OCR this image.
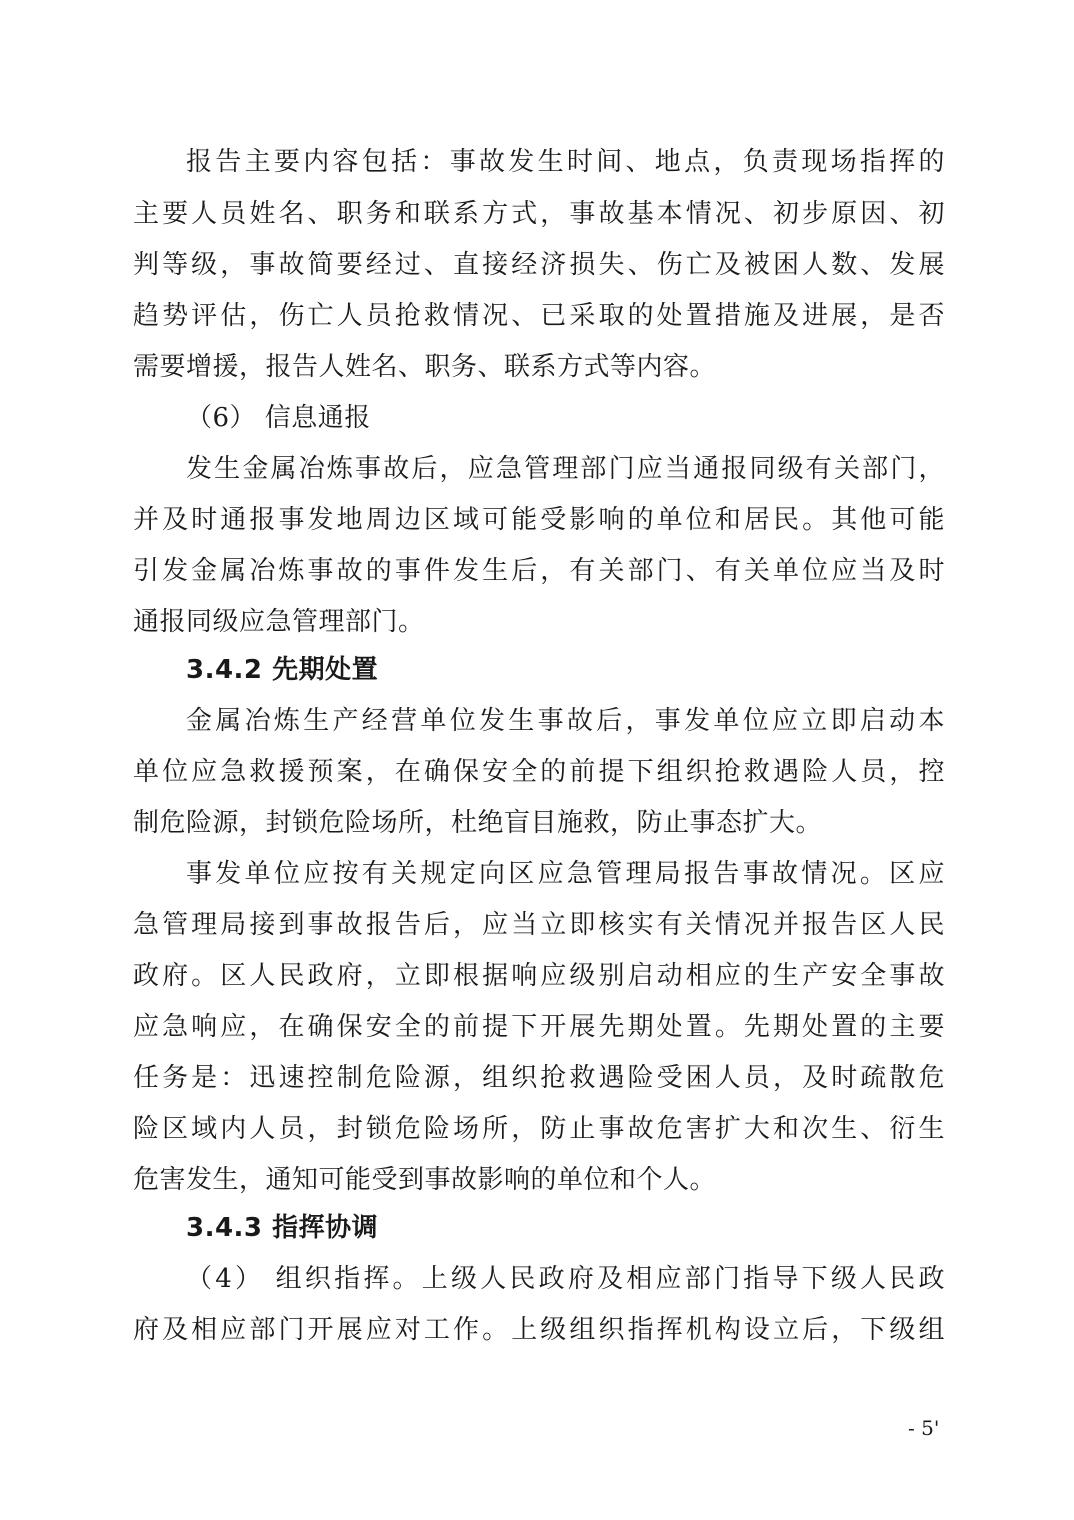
报告主要内容包括：事故发生时间、地点，负责现场指挥的
主要人员姓名、职务和联系方式，事故基本情况、初步原因、初
判等级，事故简要经过、直接经济损失、伤亡及被困人数、发展
趋势评估，伤亡人员抢救情况、已采取的处置措施及进展，是否
需要增援，报告人姓名、职务、联系方式等内容。
（6） 信息通报
发生金属冶炼事故后，应急管理部门应当通报同级有关部门，
并及时通报事发地周边区域可能受影响的单位和居民。其他可能
引发金属冶炼事故的事件发生后，有关部门、有关单位应当及时
通报同级应急管理部门。
3.4.2 先期处置
金属冶炼生产经营单位发生事故后，事发单位应立即启动本
单位应急救援预案，在确保安全的前提下组织抢救遇险人员，控
制危险源，封锁危险场所，杜绝盲目施救，防止事态扩大。
事发单位应按有关规定向区应急管理局报告事故情况。区应
急管理局接到事故报告后，应当立即核实有关情况并报告区人民
政府。区人民政府，立即根据响应级别启动相应的生产安全事故
应急响应，在确保安全的前提下开展先期处置。先期处置的主要
任务是：迅速控制危险源，组织抢救遇险受困人员，及时疏散危
险区域内人员，封锁危险场所，防止事故危害扩大和次生、衍生
危害发生，通知可能受到事故影响的单位和个人。
3.4.3 指挥协调
（4） 组织指挥。上级人民政府及相应部门指导下级人民政
府及相应部门开展应对工作。上级组织指挥机构设立后，下级组
- 5'
